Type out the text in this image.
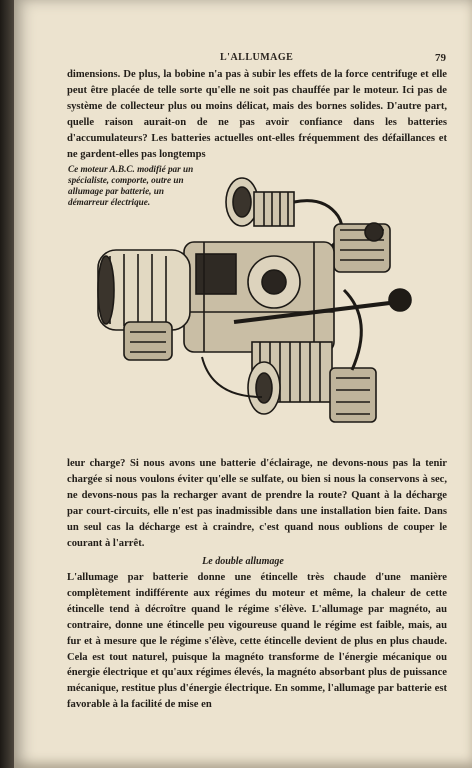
L'ALLUMAGE	79

dimensions. De plus, la bobine n'a pas à subir les effets de la force centrifuge et elle peut être placée de telle sorte qu'elle ne soit pas chauffée par le moteur. Ici pas de système de collecteur plus ou moins délicat, mais des bornes solides. D'autre part, quelle raison aurait-on de ne pas avoir confiance dans les batteries d'accumulateurs? Les batteries actuelles ont-elles fréquemment des défaillances et ne gardent-elles pas longtemps

Ce moteur A.B.C. modifié par un spécialiste, comporte, outre un allumage par batterie, un démarreur électrique.

leur charge? Si nous avons une batterie d'éclairage, ne devons-nous pas la tenir chargée si nous voulons éviter qu'elle se sulfate, ou bien si nous la conservons à sec, ne devons-nous pas la recharger avant de prendre la route? Quant à la décharge par court-circuits, elle n'est pas inadmissible dans une installation bien faite. Dans un seul cas la décharge est à craindre, c'est quand nous oublions de couper le courant à l'arrêt.

Le double allumage

L'allumage par batterie donne une étincelle très chaude d'une manière complètement indifférente aux régimes du moteur et même, la chaleur de cette étincelle tend à décroître quand le régime s'élève. L'allumage par magnéto, au contraire, donne une étincelle peu vigoureuse quand le régime est faible, mais, au fur et à mesure que le régime s'élève, cette étincelle devient de plus en plus chaude. Cela est tout naturel, puisque la magnéto transforme de l'énergie mécanique ou énergie électrique et qu'aux régimes élevés, la magnéto absorbant plus de puissance mécanique, restitue plus d'énergie électrique. En somme, l'allumage par batterie est favorable à la facilité de mise en
